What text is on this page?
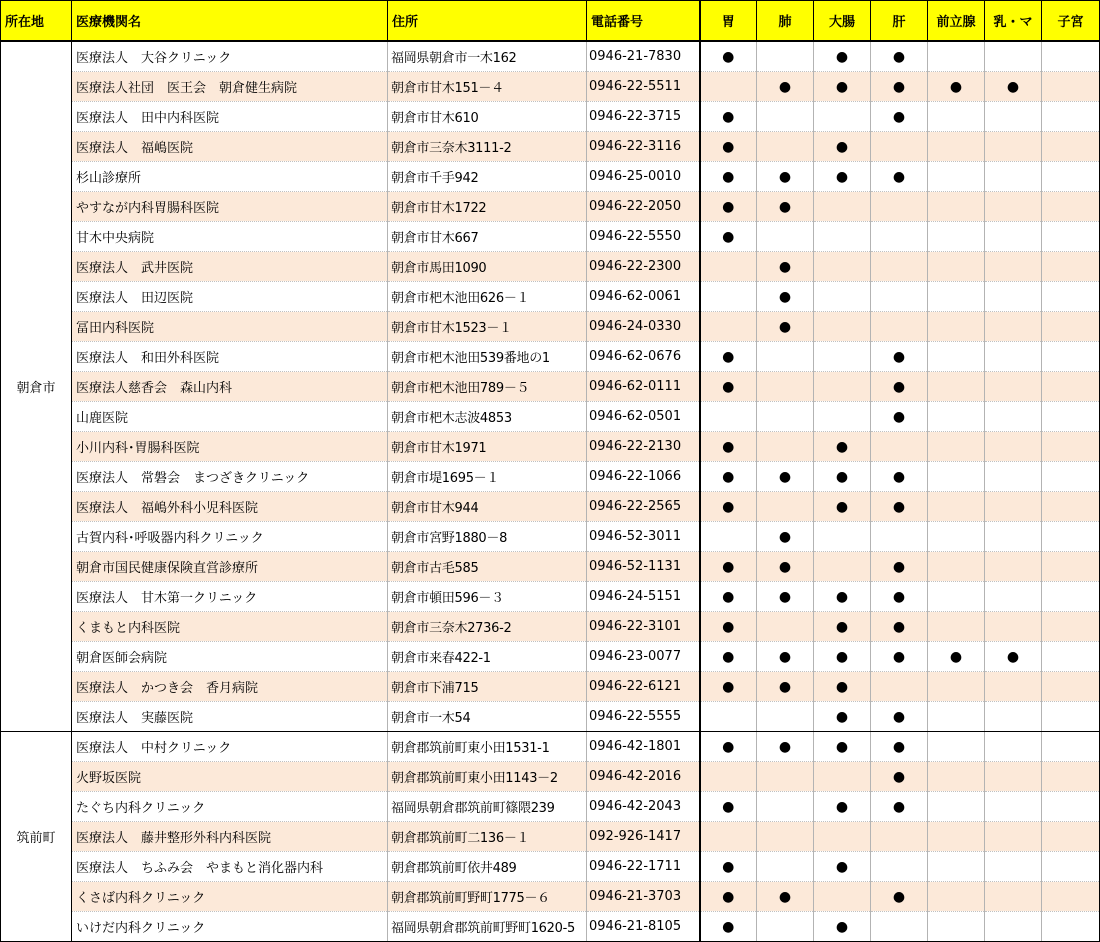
所在地	医療機関名	住所	電話番号	胃	肺	大腸	肝	前立腺	乳・マ	子宮
朝倉市	医療法人　大谷クリニック	福岡県朝倉市一木162	0946-21-7830	●		●	●			
	医療法人社団　医王会　朝倉健生病院	朝倉市甘木151－４	0946-22-5511		●	●	●	●	●	
	医療法人　田中内科医院	朝倉市甘木610	0946-22-3715	●			●			
	医療法人　福嶋医院	朝倉市三奈木3111-2	0946-22-3116	●		●				
	杉山診療所	朝倉市千手942	0946-25-0010	●	●	●	●			
	やすなが内科胃腸科医院	朝倉市甘木1722	0946-22-2050	●	●					
	甘木中央病院	朝倉市甘木667	0946-22-5550	●						
	医療法人　武井医院	朝倉市馬田1090	0946-22-2300		●					
	医療法人　田辺医院	朝倉市杷木池田626－１	0946-62-0061		●					
	冨田内科医院	朝倉市甘木1523－１	0946-24-0330		●					
	医療法人　和田外科医院	朝倉市杷木池田539番地の1	0946-62-0676	●			●			
	医療法人慈香会　森山内科	朝倉市杷木池田789－５	0946-62-0111	●			●			
	山鹿医院	朝倉市杷木志波4853	0946-62-0501				●			
	小川内科･胃腸科医院	朝倉市甘木1971	0946-22-2130	●		●				
	医療法人　常磐会　まつざきクリニック	朝倉市堤1695－１	0946-22-1066	●	●	●	●			
	医療法人　福嶋外科小児科医院	朝倉市甘木944	0946-22-2565	●		●	●			
	古賀内科･呼吸器内科クリニック	朝倉市宮野1880－8	0946-52-3011		●					
	朝倉市国民健康保険直営診療所	朝倉市古毛585	0946-52-1131	●	●		●			
	医療法人　甘木第一クリニック	朝倉市頓田596－３	0946-24-5151	●	●	●	●			
	くまもと内科医院	朝倉市三奈木2736-2	0946-22-3101	●		●	●			
	朝倉医師会病院	朝倉市来春422-1	0946-23-0077	●	●	●	●	●	●	
	医療法人　かつき会　香月病院	朝倉市下浦715	0946-22-6121	●	●	●				
	医療法人　実藤医院	朝倉市一木54	0946-22-5555			●	●			
筑前町	医療法人　中村クリニック	朝倉郡筑前町東小田1531-1	0946-42-1801	●	●	●	●			
	火野坂医院	朝倉郡筑前町東小田1143－2	0946-42-2016				●			
	たぐち内科クリニック	福岡県朝倉郡筑前町篠隈239	0946-42-2043	●		●	●			
	医療法人　藤井整形外科内科医院	朝倉郡筑前町二136－１	092-926-1417							
	医療法人　ちふみ会　やまもと消化器内科	朝倉郡筑前町依井489	0946-22-1711	●		●				
	くさば内科クリニック	朝倉郡筑前町野町1775－６	0946-21-3703	●	●		●			
	いけだ内科クリニック	福岡県朝倉郡筑前町野町1620-5	0946-21-8105	●		●				
